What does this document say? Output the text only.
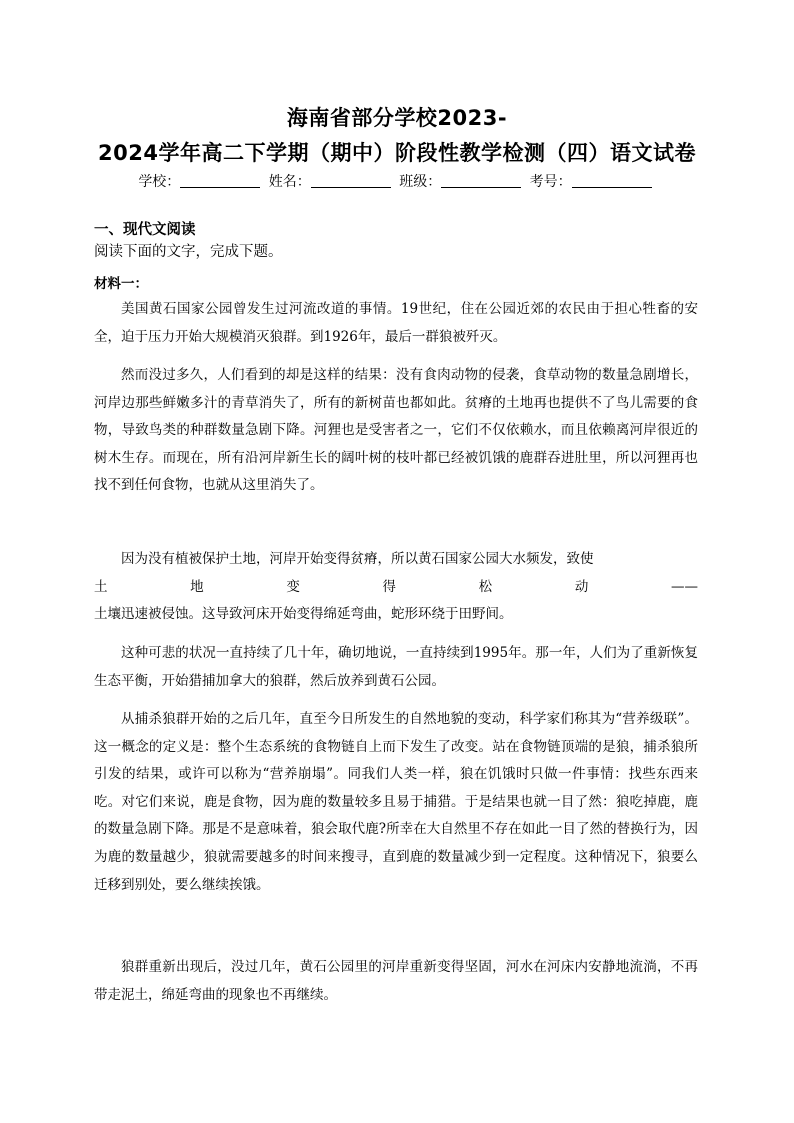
海南省部分学校2023-
2024学年高二下学期（期中）阶段性教学检测（四）语文试卷
学校：	姓名：	班级：	考号：
一、现代文阅读
阅读下面的文字，完成下题。
材料一：
美国黄石国家公园曾发生过河流改道的事情。19世纪，住在公园近郊的农民由于担心牲畜的安全，迫于压力开始大规模消灭狼群。到1926年，最后一群狼被歼灭。
然而没过多久，人们看到的却是这样的结果：没有食肉动物的侵袭，食草动物的数量急剧增长，河岸边那些鲜嫩多汁的青草消失了，所有的新树苗也都如此。贫瘠的土地再也提供不了鸟儿需要的食物，导致鸟类的种群数量急剧下降。河狸也是受害者之一，它们不仅依赖水，而且依赖离河岸很近的树木生存。而现在，所有沿河岸新生长的阔叶树的枝叶都已经被饥饿的鹿群吞进肚里，所以河狸再也找不到任何食物，也就从这里消失了。
因为没有植被保护土地，河岸开始变得贫瘠，所以黄石国家公园大水频发，致使
土地变得松动——
土壤迅速被侵蚀。这导致河床开始变得绵延弯曲，蛇形环绕于田野间。
这种可悲的状况一直持续了几十年，确切地说，一直持续到1995年。那一年，人们为了重新恢复生态平衡，开始猎捕加拿大的狼群，然后放养到黄石公园。
从捕杀狼群开始的之后几年，直至今日所发生的自然地貌的变动，科学家们称其为“营养级联”。这一概念的定义是：整个生态系统的食物链自上而下发生了改变。站在食物链顶端的是狼，捕杀狼所引发的结果，或许可以称为“营养崩塌”。同我们人类一样，狼在饥饿时只做一件事情：找些东西来吃。对它们来说，鹿是食物，因为鹿的数量较多且易于捕猎。于是结果也就一目了然：狼吃掉鹿，鹿的数量急剧下降。那是不是意味着，狼会取代鹿?所幸在大自然里不存在如此一目了然的替换行为，因为鹿的数量越少，狼就需要越多的时间来搜寻，直到鹿的数量减少到一定程度。这种情况下，狼要么迁移到别处，要么继续挨饿。
狼群重新出现后，没过几年，黄石公园里的河岸重新变得坚固，河水在河床内安静地流淌，不再带走泥土，绵延弯曲的现象也不再继续。
